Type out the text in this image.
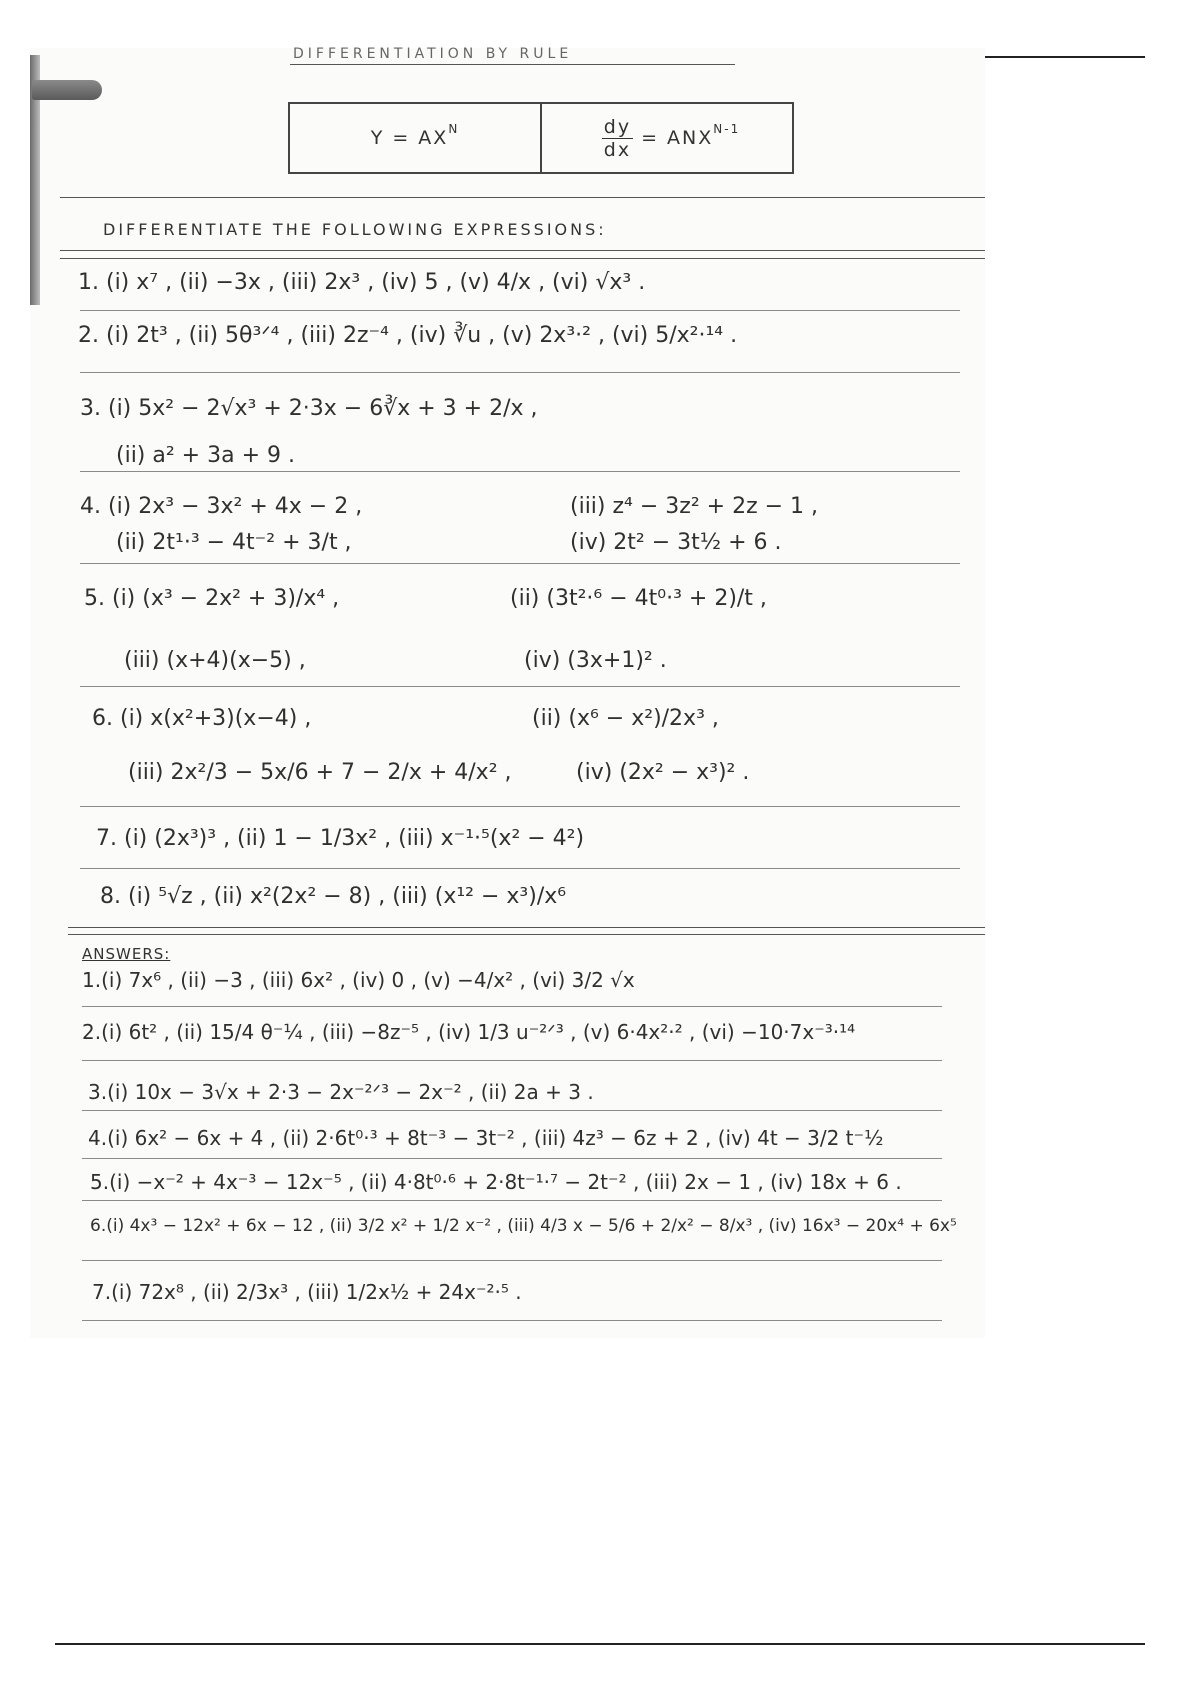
DIFFERENTIATION BY RULE
$Y = AX^N$	$\frac{dy}{dx} = ANX^{N-1}$
DIFFERENTIATE THE FOLLOWING EXPRESSIONS:
1. (i) x⁷ , (ii) −3x , (iii) 2x³ , (iv) 5 , (v) 4/x , (vi) √x³ .
2. (i) 2t³ , (ii) 5θ³ᐟ⁴ , (iii) 2z⁻⁴ , (iv) ∛u , (v) 2x³·² , (vi) 5/x²·¹⁴ .
3. (i) 5x² − 2√x³ + 2·3x − 6∛x + 3 + 2/x ,
(ii) a² + 3a + 9 .
4. (i) 2x³ − 3x² + 4x − 2 ,	(iii) z⁴ − 3z² + 2z − 1 ,
(ii) 2t¹·³ − 4t⁻² + 3/t ,	(iv) 2t² − 3t½ + 6 .
5. (i) (x³ − 2x² + 3)/x⁴ ,	(ii) (3t²·⁶ − 4t⁰·³ + 2)/t ,
(iii) (x+4)(x−5) ,	(iv) (3x+1)² .
6. (i) x(x²+3)(x−4) ,	(ii) (x⁶ − x²)/2x³ ,
(iii) 2x²/3 − 5x/6 + 7 − 2/x + 4/x² ,	(iv) (2x² − x³)² .
7. (i) (2x³)³ , (ii) 1 − 1/3x² , (iii) x⁻¹·⁵(x² − 4²)
8. (i) ⁵√z , (ii) x²(2x² − 8) , (iii) (x¹² − x³)/x⁶
ANSWERS:
1.(i) 7x⁶ , (ii) −3 , (iii) 6x² , (iv) 0 , (v) −4/x² , (vi) 3/2 √x
2.(i) 6t² , (ii) 15/4 θ⁻¼ , (iii) −8z⁻⁵ , (iv) 1/3 u⁻²ᐟ³ , (v) 6·4x²·² , (vi) −10·7x⁻³·¹⁴
3.(i) 10x − 3√x + 2·3 − 2x⁻²ᐟ³ − 2x⁻² , (ii) 2a + 3 .
4.(i) 6x² − 6x + 4 , (ii) 2·6t⁰·³ + 8t⁻³ − 3t⁻² , (iii) 4z³ − 6z + 2 , (iv) 4t − 3/2 t⁻½
5.(i) −x⁻² + 4x⁻³ − 12x⁻⁵ , (ii) 4·8t⁰·⁶ + 2·8t⁻¹·⁷ − 2t⁻² , (iii) 2x − 1 , (iv) 18x + 6 .
6.(i) 4x³ − 12x² + 6x − 12 , (ii) 3/2 x² + 1/2 x⁻² , (iii) 4/3 x − 5/6 + 2/x² − 8/x³ , (iv) 16x³ − 20x⁴ + 6x⁵
7.(i) 72x⁸ , (ii) 2/3x³ , (iii) 1/2x½ + 24x⁻²·⁵ .
